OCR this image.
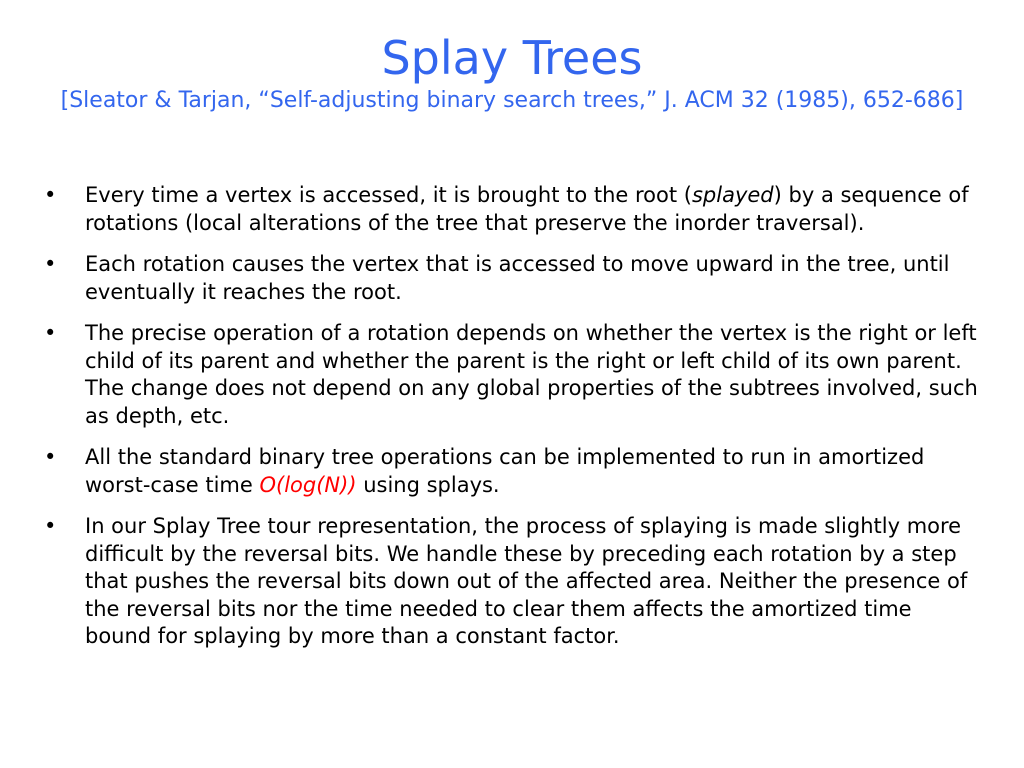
Splay Trees

[Sleator & Tarjan, “Self-adjusting binary search trees,” J. ACM 32 (1985), 652-686]

• Every time a vertex is accessed, it is brought to the root (splayed) by a sequence of rotations (local alterations of the tree that preserve the inorder traversal).
• Each rotation causes the vertex that is accessed to move upward in the tree, until eventually it reaches the root.
• The precise operation of a rotation depends on whether the vertex is the right or left child of its parent and whether the parent is the right or left child of its own parent. The change does not depend on any global properties of the subtrees involved, such as depth, etc.
• All the standard binary tree operations can be implemented to run in amortized worst-case time O(log(N)) using splays.
• In our Splay Tree tour representation, the process of splaying is made slightly more difficult by the reversal bits. We handle these by preceding each rotation by a step that pushes the reversal bits down out of the affected area. Neither the presence of the reversal bits nor the time needed to clear them affects the amortized time bound for splaying by more than a constant factor.
